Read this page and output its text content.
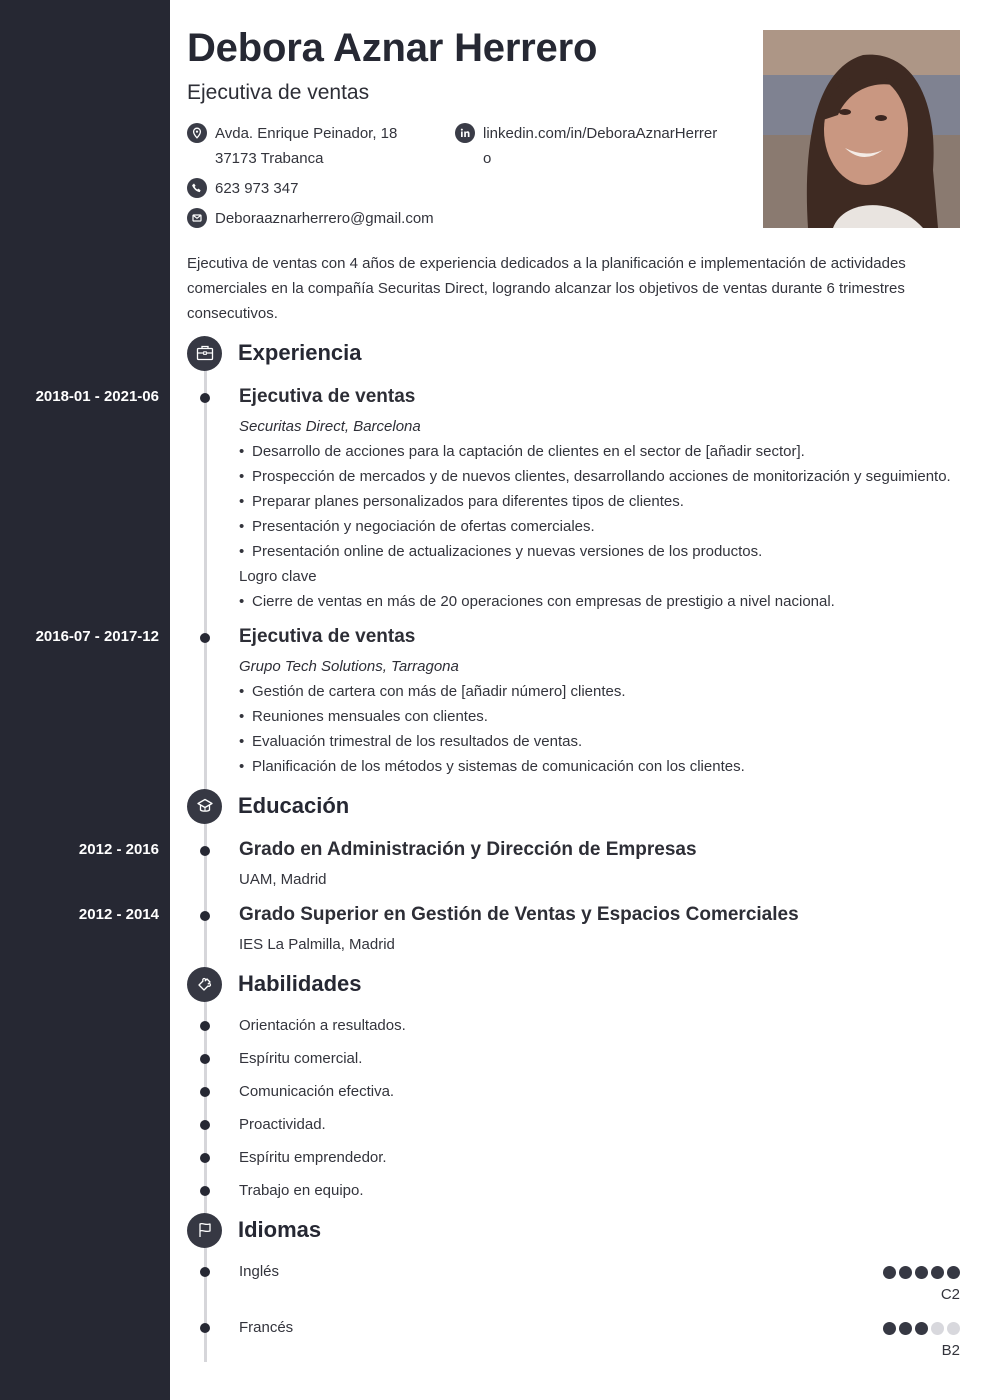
Debora Aznar Herrero
Ejecutiva de ventas
Avda. Enrique Peinador, 18
37173 Trabanca
linkedin.com/in/DeboraAznarHerrer
o
623 973 347
Deboraaznarherrero@gmail.com
Ejecutiva de ventas con 4 años de experiencia dedicados a la planificación e implementación de actividades comerciales en la compañía Securitas Direct, logrando alcanzar los objetivos de ventas durante 6 trimestres consecutivos.
Experiencia
2018-01 - 2021-06	Ejecutiva de ventas
Securitas Direct, Barcelona
• Desarrollo de acciones para la captación de clientes en el sector de [añadir sector].
• Prospección de mercados y de nuevos clientes, desarrollando acciones de monitorización y seguimiento.
• Preparar planes personalizados para diferentes tipos de clientes.
• Presentación y negociación de ofertas comerciales.
• Presentación online de actualizaciones y nuevas versiones de los productos.
Logro clave
• Cierre de ventas en más de 20 operaciones con empresas de prestigio a nivel nacional.
2016-07 - 2017-12	Ejecutiva de ventas
Grupo Tech Solutions, Tarragona
• Gestión de cartera con más de [añadir número] clientes.
• Reuniones mensuales con clientes.
• Evaluación trimestral de los resultados de ventas.
• Planificación de los métodos y sistemas de comunicación con los clientes.
Educación
2012 - 2016	Grado en Administración y Dirección de Empresas
UAM, Madrid
2012 - 2014	Grado Superior en Gestión de Ventas y Espacios Comerciales
IES La Palmilla, Madrid
Habilidades
Orientación a resultados.
Espíritu comercial.
Comunicación efectiva.
Proactividad.
Espíritu emprendedor.
Trabajo en equipo.
Idiomas
Inglés
C2
Francés
B2
